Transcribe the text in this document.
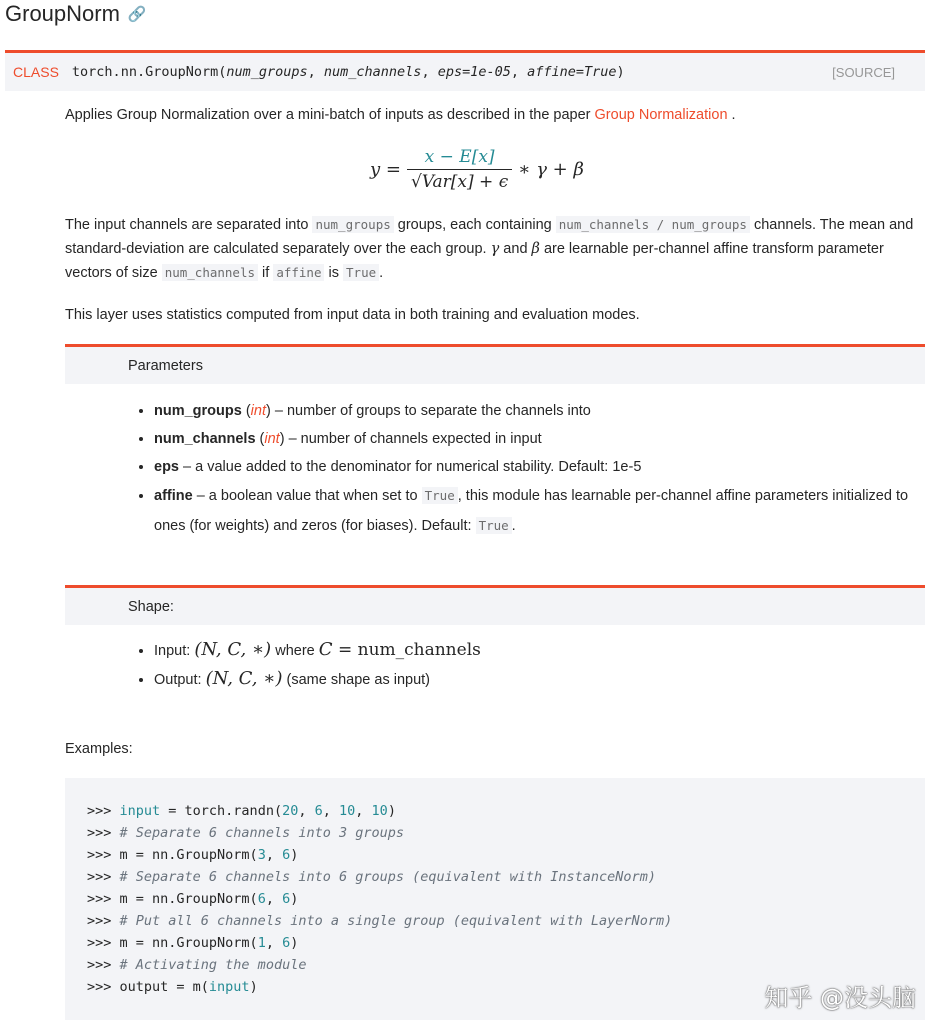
GroupNorm 🔗
CLASS torch.nn.GroupNorm(num_groups, num_channels, eps=1e-05, affine=True)	[SOURCE]
Applies Group Normalization over a mini-batch of inputs as described in the paper Group Normalization .
$y = \frac{x - E[x]}{\text{√Var[x] + ϵ}}$ ∗ γ + β
The input channels are separated into num_groups groups, each containing num_channels / num_groups channels. The mean and standard-deviation are calculated separately over the each group. γ and β are learnable per-channel affine transform parameter vectors of size num_channels if affine is True .
This layer uses statistics computed from input data in both training and evaluation modes.
Parameters
• num_groups (int) – number of groups to separate the channels into
• num_channels (int) – number of channels expected in input
• eps – a value added to the denominator for numerical stability. Default: 1e-5
• affine – a boolean value that when set to True , this module has learnable per-channel affine parameters initialized to ones (for weights) and zeros (for biases). Default: True .
Shape:
• Input: (N, C, ∗) where C = num_channels
• Output: (N, C, ∗) (same shape as input)
Examples:
>>> input = torch.randn(20, 6, 10, 10)
>>> # Separate 6 channels into 3 groups
>>> m = nn.GroupNorm(3, 6)
>>> # Separate 6 channels into 6 groups (equivalent with InstanceNorm)
>>> m = nn.GroupNorm(6, 6)
>>> # Put all 6 channels into a single group (equivalent with LayerNorm)
>>> m = nn.GroupNorm(1, 6)
>>> # Activating the module
>>> output = m(input)	知乎 @没头脑
